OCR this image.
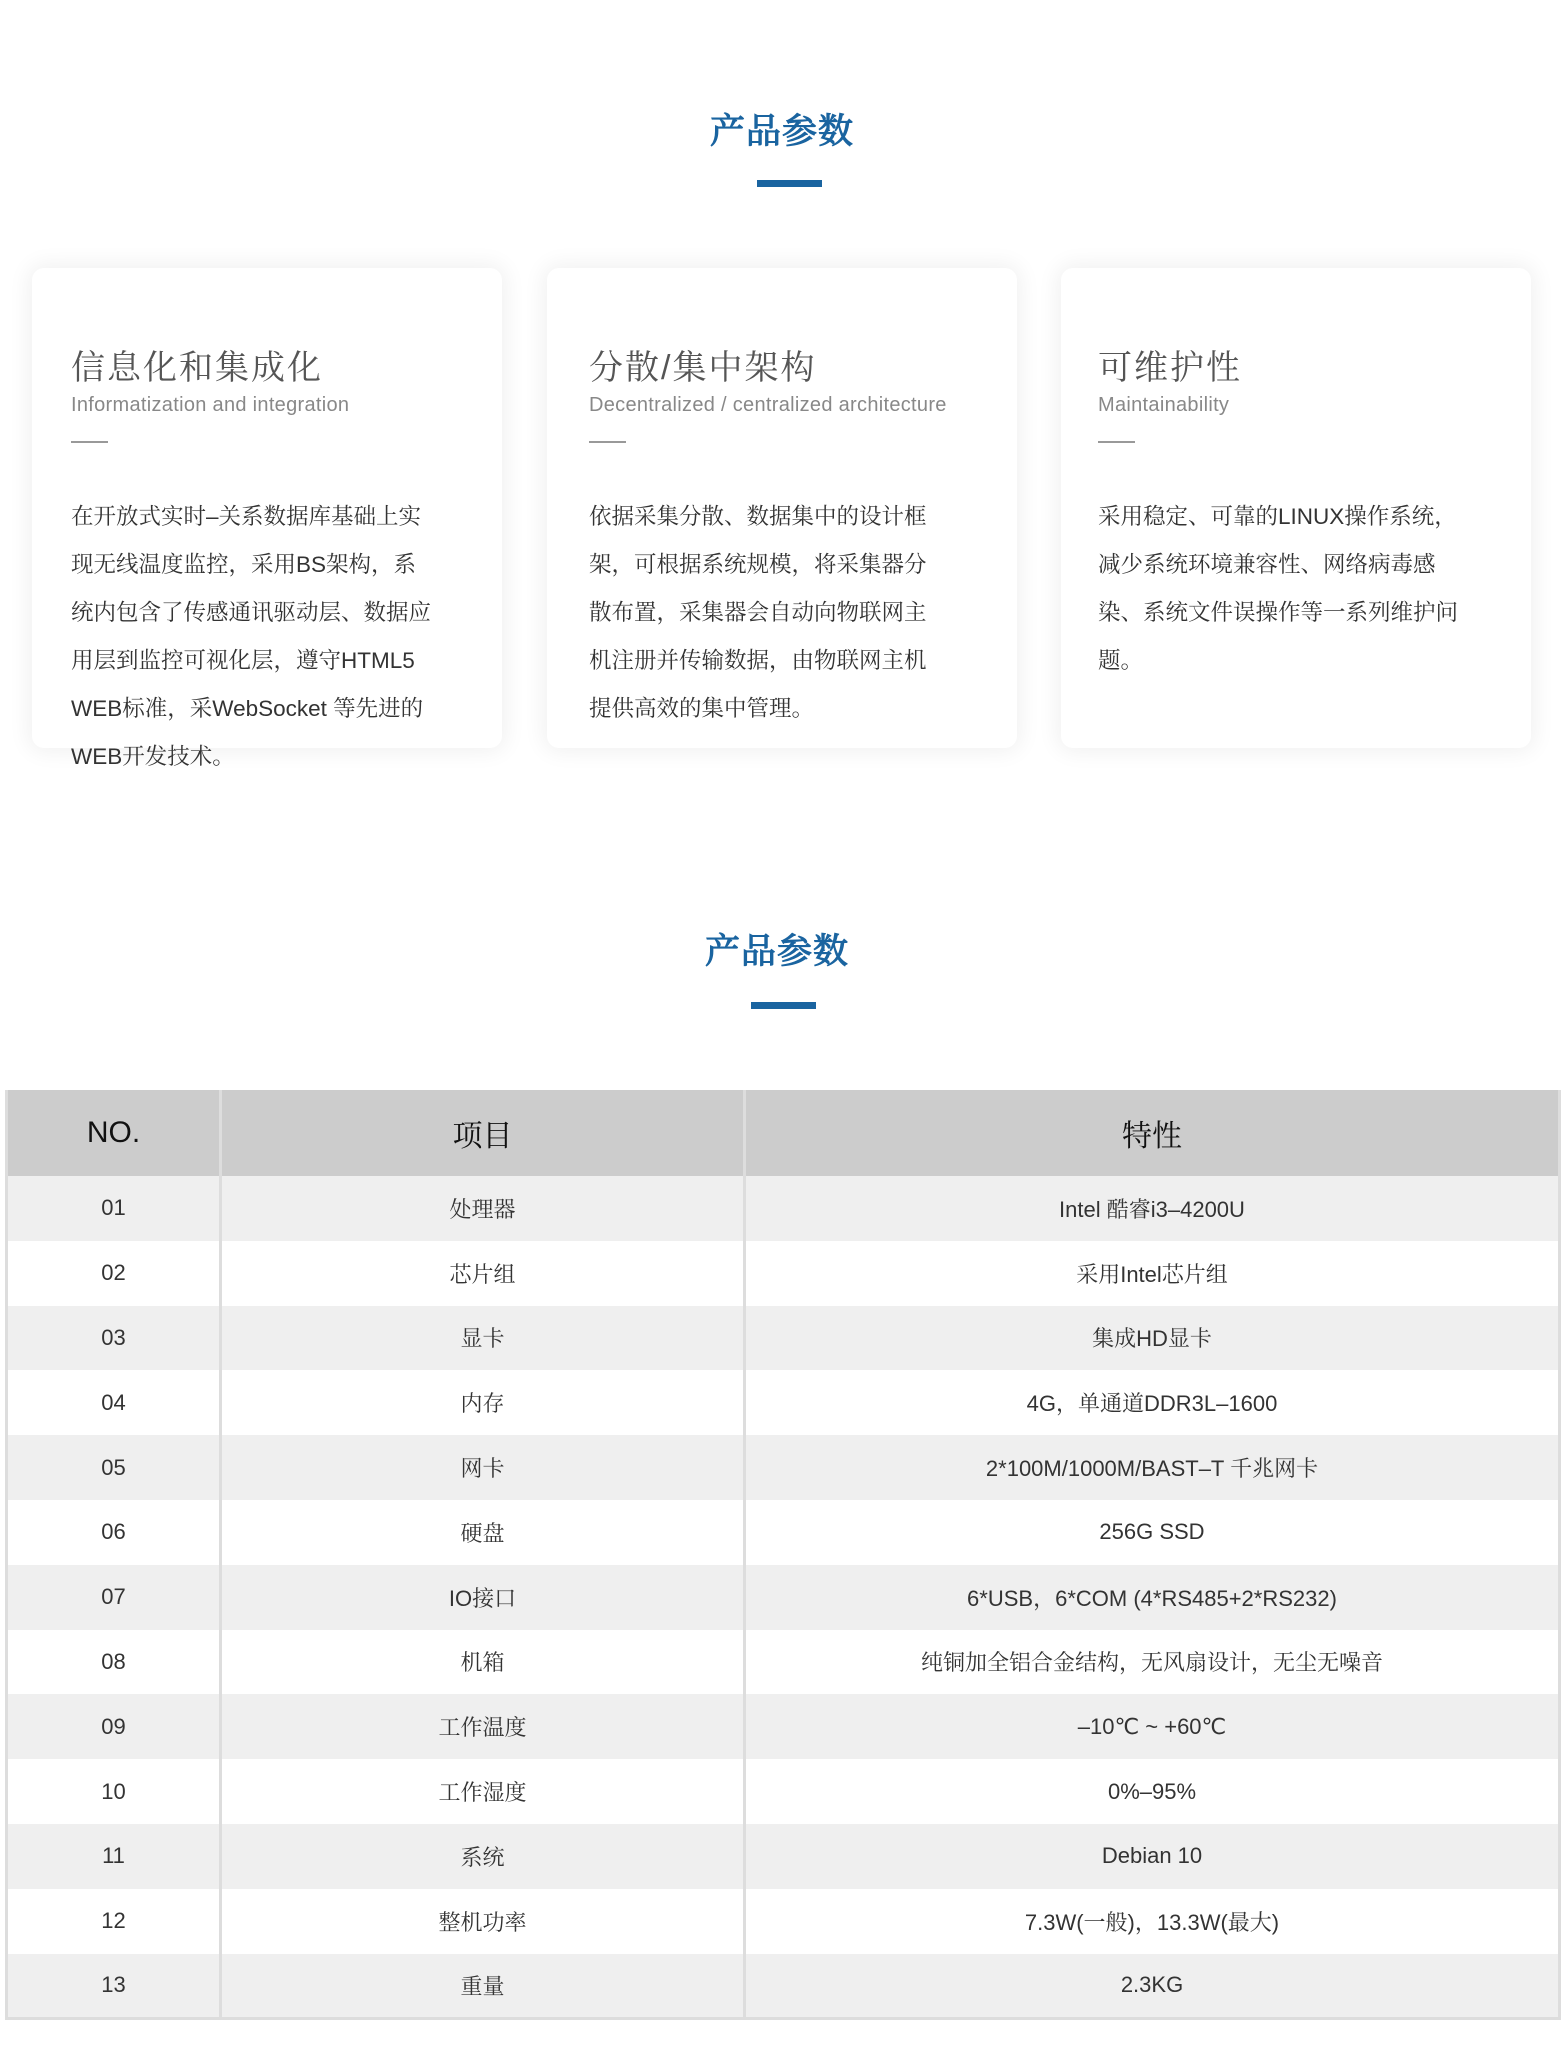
产品参数
信息化和集成化
Informatization and integration
在开放式实时–关系数据库基础上实
现无线温度监控，采用BS架构，系
统内包含了传感通讯驱动层、数据应
用层到监控可视化层，遵守HTML5
WEB标准，采WebSocket 等先进的
WEB开发技术。
分散/集中架构
Decentralized / centralized architecture
依据采集分散、数据集中的设计框
架，可根据系统规模，将采集器分
散布置，采集器会自动向物联网主
机注册并传输数据，由物联网主机
提供高效的集中管理。
可维护性
Maintainability
采用稳定、可靠的LINUX操作系统，
减少系统环境兼容性、网络病毒感
染、系统文件误操作等一系列维护问
题。
产品参数
NO.	项目	特性
01	处理器	Intel 酷睿i3–4200U
02	芯片组	采用Intel芯片组
03	显卡	集成HD显卡
04	内存	4G，单通道DDR3L–1600
05	网卡	2*100M/1000M/BAST–T 千兆网卡
06	硬盘	256G SSD
07	IO接口	6*USB，6*COM (4*RS485+2*RS232)
08	机箱	纯铜加全铝合金结构，无风扇设计，无尘无噪音
09	工作温度	–10℃ ~ +60℃
10	工作湿度	0%–95%
11	系统	Debian 10
12	整机功率	7.3W(一般)，13.3W(最大)
13	重量	2.3KG
